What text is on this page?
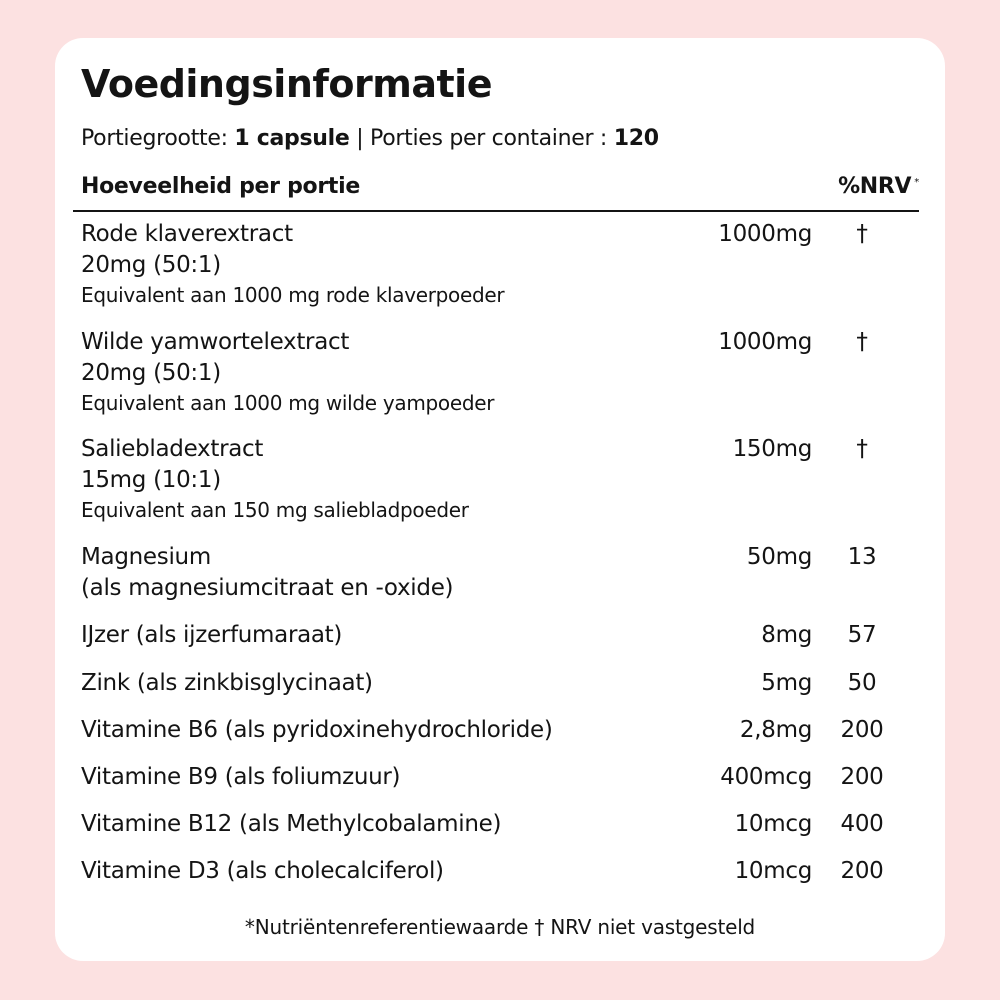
Voedingsinformatie
Portiegrootte: 1 capsule | Porties per container : 120
Hoeveelheid per portie	%NRV *
Rode klaverextract
20mg (50:1)
Equivalent aan 1000 mg rode klaverpoeder
1000mg	†
Wilde yamwortelextract
20mg (50:1)
Equivalent aan 1000 mg wilde yampoeder
1000mg	†
Saliebladextract
15mg (10:1)
Equivalent aan 150 mg saliebladpoeder
150mg	†
Magnesium
(als magnesiumcitraat en -oxide)
50mg	13
IJzer (als ijzerfumaraat)	8mg	57
Zink (als zinkbisglycinaat)	5mg	50
Vitamine B6 (als pyridoxinehydrochloride)	2,8mg	200
Vitamine B9 (als foliumzuur)	400mcg	200
Vitamine B12 (als Methylcobalamine)	10mcg	400
Vitamine D3 (als cholecalciferol)	10mcg	200
*Nutriëntenreferentiewaarde † NRV niet vastgesteld
